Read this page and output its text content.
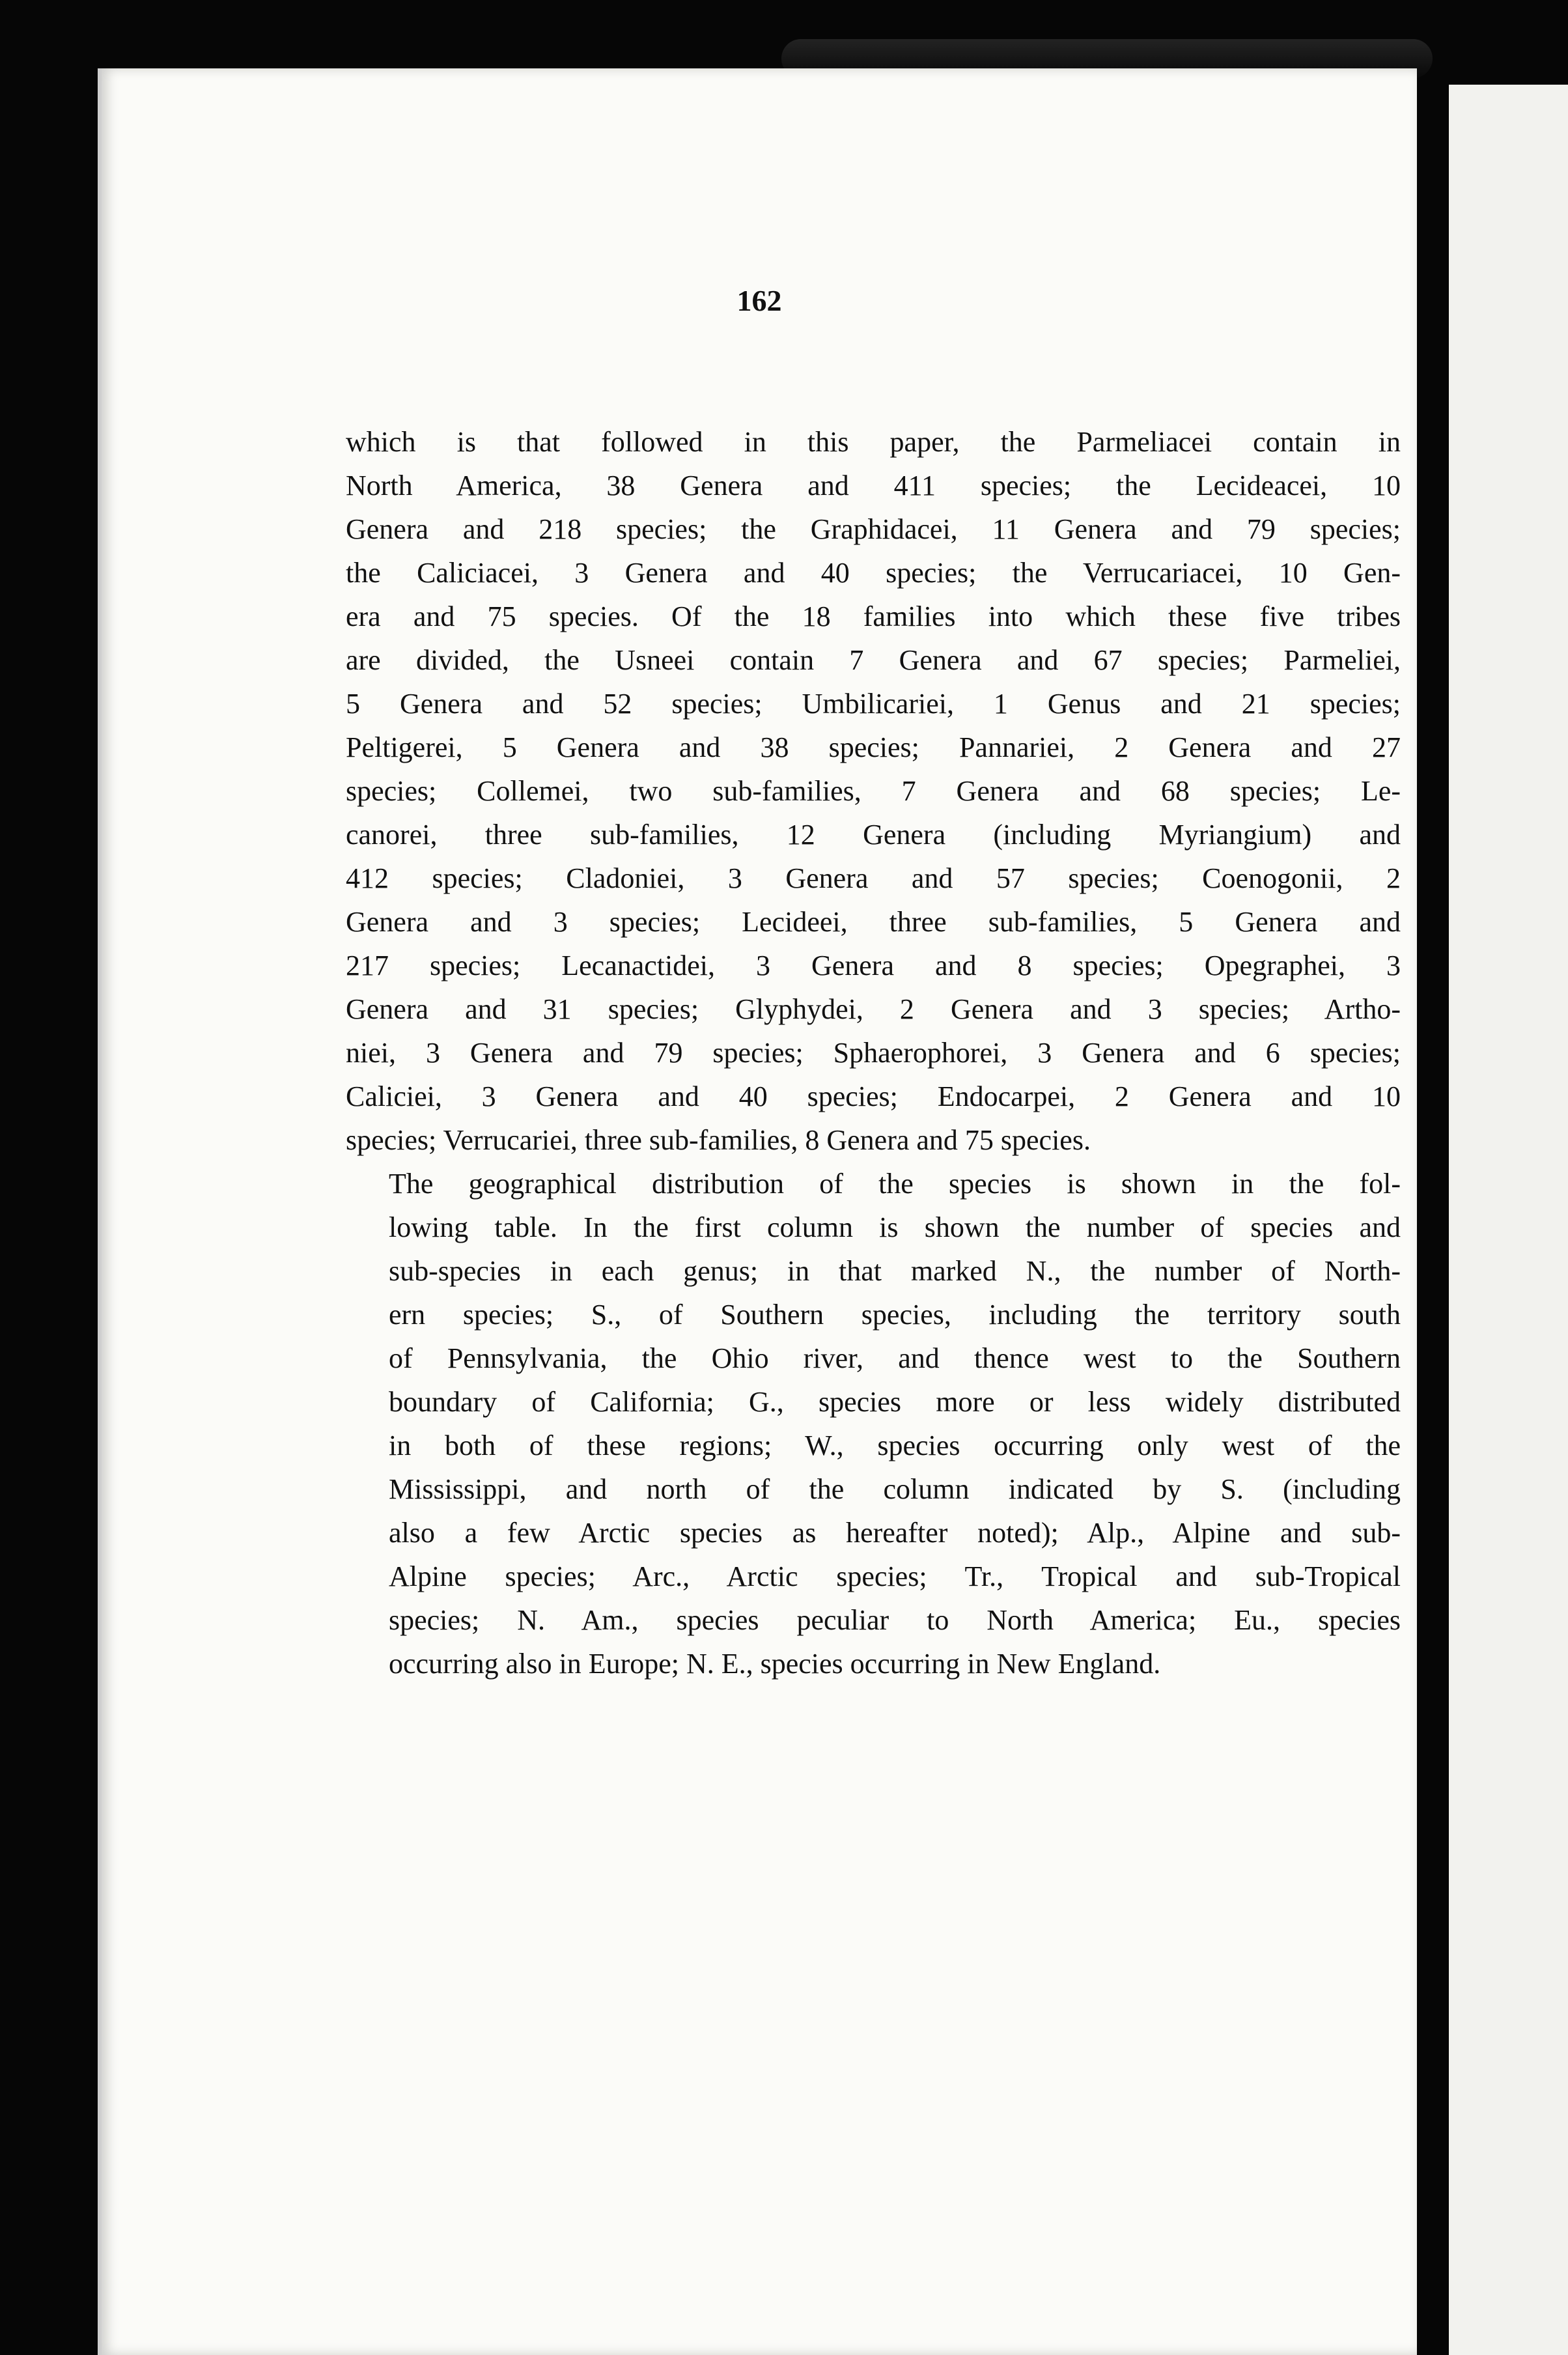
162

which is that followed in this paper, the Parmeliacei contain in
North America, 38 Genera and 411 species; the Lecideacei, 10
Genera and 218 species; the Graphidacei, 11 Genera and 79 species;
the Caliciacei, 3 Genera and 40 species; the Verrucariacei, 10 Gen-
era and 75 species. Of the 18 families into which these five tribes
are divided, the Usneei contain 7 Genera and 67 species; Parmeliei,
5 Genera and 52 species; Umbilicariei, 1 Genus and 21 species;
Peltigerei, 5 Genera and 38 species; Pannariei, 2 Genera and 27
species; Collemei, two sub-families, 7 Genera and 68 species; Le-
canorei, three sub-families, 12 Genera (including Myriangium) and
412 species; Cladoniei, 3 Genera and 57 species; Coenogonii, 2
Genera and 3 species; Lecideei, three sub-families, 5 Genera and
217 species; Lecanactidei, 3 Genera and 8 species; Opegraphei, 3
Genera and 31 species; Glyphydei, 2 Genera and 3 species; Artho-
niei, 3 Genera and 79 species; Sphaerophorei, 3 Genera and 6 species;
Caliciei, 3 Genera and 40 species; Endocarpei, 2 Genera and 10
species; Verrucariei, three sub-families, 8 Genera and 75 species.

The geographical distribution of the species is shown in the fol-
lowing table. In the first column is shown the number of species and
sub-species in each genus; in that marked N., the number of North-
ern species; S., of Southern species, including the territory south
of Pennsylvania, the Ohio river, and thence west to the Southern
boundary of California; G., species more or less widely distributed
in both of these regions; W., species occurring only west of the
Mississippi, and north of the column indicated by S. (including
also a few Arctic species as hereafter noted); Alp., Alpine and sub-
Alpine species; Arc., Arctic species; Tr., Tropical and sub-Tropical
species; N. Am., species peculiar to North America; Eu., species
occurring also in Europe; N. E., species occurring in New England.
